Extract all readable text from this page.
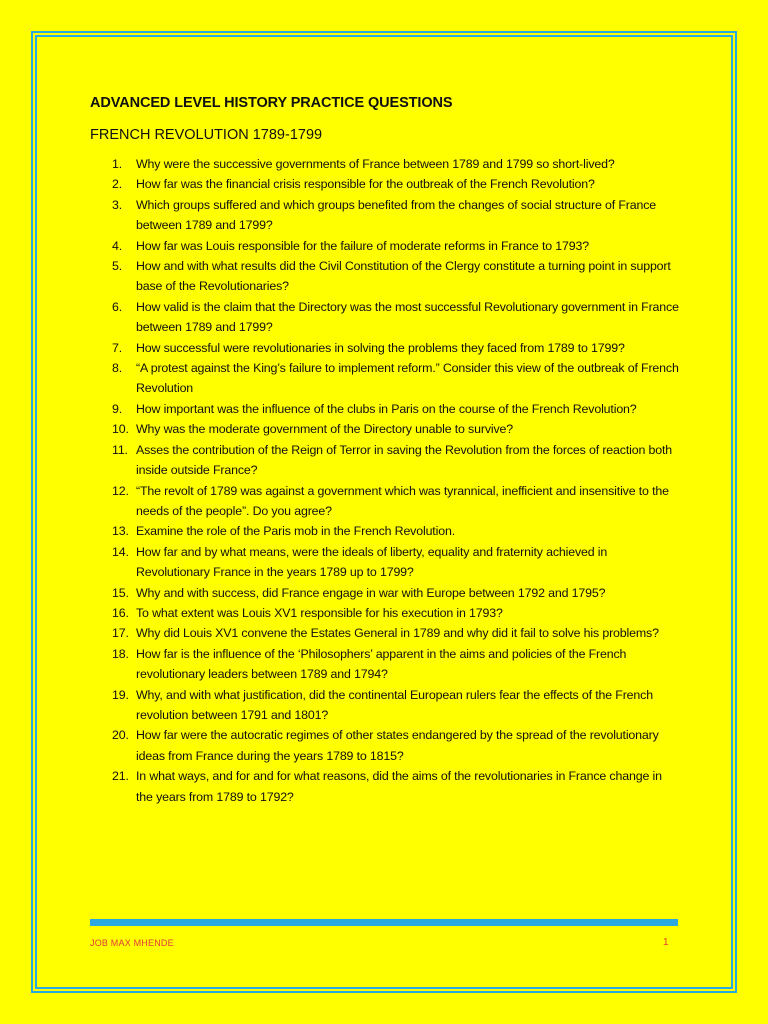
ADVANCED LEVEL HISTORY PRACTICE QUESTIONS
FRENCH REVOLUTION 1789-1799
1.	Why were the successive governments of France between 1789 and 1799 so short-lived?
2.	How far was the financial crisis responsible for the outbreak of the French Revolution?
3.	Which groups suffered and which groups benefited from the changes of social structure of France between 1789 and 1799?
4.	How far was Louis responsible for the failure of moderate reforms in France to 1793?
5.	How and with what results did the Civil Constitution of the Clergy constitute a turning point in support base of the Revolutionaries?
6.	How valid is the claim that the Directory was the most successful Revolutionary government in France between 1789 and 1799?
7.	How successful were revolutionaries in solving the problems they faced from 1789 to 1799?
8.	“A protest against the King’s failure to implement reform.” Consider this view of the outbreak of French Revolution
9.	How important was the influence of the clubs in Paris on the course of the French Revolution?
10. Why was the moderate government of the Directory unable to survive?
11. Asses the contribution of the Reign of Terror in saving the Revolution from the forces of reaction both inside outside France?
12. “The revolt of 1789 was against a government which was tyrannical, inefficient and insensitive to the needs of the people”. Do you agree?
13. Examine the role of the Paris mob in the French Revolution.
14. How far and by what means, were the ideals of liberty, equality and fraternity achieved in Revolutionary France in the years 1789 up to 1799?
15. Why and with success, did France engage in war with Europe between 1792 and 1795?
16. To what extent was Louis XV1 responsible for his execution in 1793?
17. Why did Louis XV1 convene the Estates General in 1789 and why did it fail to solve his problems?
18. How far is the influence of the ‘Philosophers’ apparent in the aims and policies of the French revolutionary leaders between 1789 and 1794?
19. Why, and with what justification, did the continental European rulers fear the effects of the French revolution between 1791 and 1801?
20. How far were the autocratic regimes of other states endangered by the spread of the revolutionary ideas from France during the years 1789 to 1815?
21. In what ways, and for and for what reasons, did the aims of the revolutionaries in France change in the years from 1789 to 1792?
JOB MAX MHENDE	1
